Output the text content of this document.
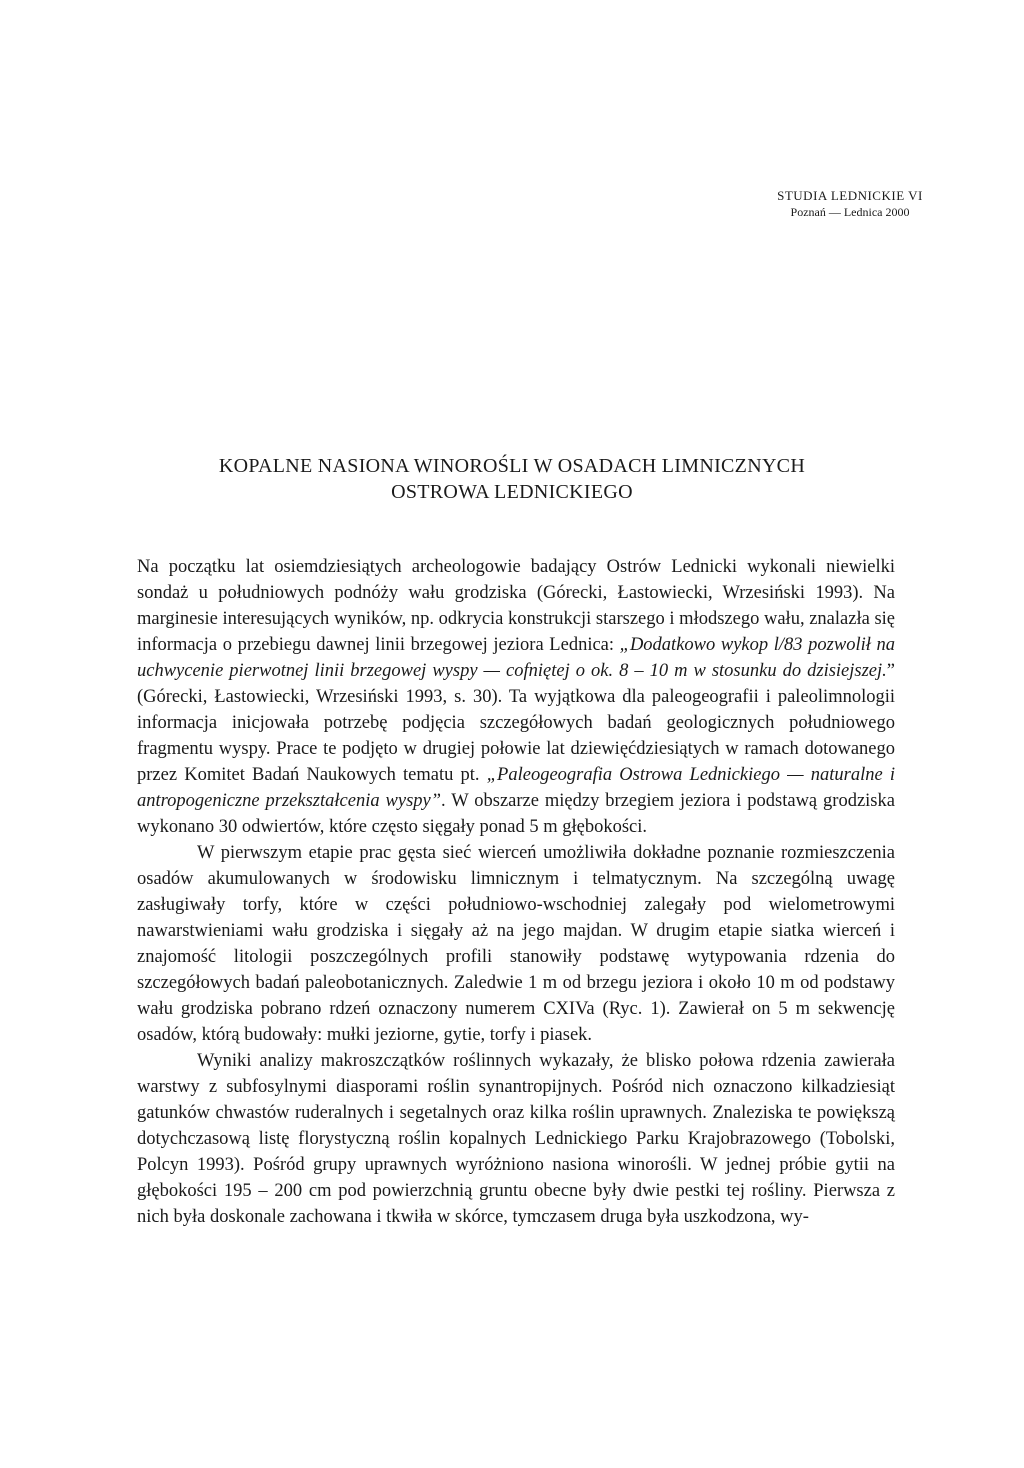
STUDIA LEDNICKIE VI
Poznań — Lednica 2000
KOPALNE NASIONA WINOROŚLI W OSADACH LIMNICZNYCH
OSTROWA LEDNICKIEGO

Na początku lat osiemdziesiątych archeologowie badający Ostrów Lednicki wykonali niewielki sondaż u południowych podnóży wału grodziska (Górecki, Łastowiecki, Wrzesiński 1993). Na marginesie interesujących wyników, np. odkrycia konstrukcji starszego i młodszego wału, znalazła się informacja o przebiegu dawnej linii brzegowej jeziora Lednica: „Dodatkowo wykop l/83 pozwolił na uchwycenie pierwotnej linii brzegowej wyspy — cofniętej o ok. 8 – 10 m w stosunku do dzisiejszej.” (Górecki, Łastowiecki, Wrzesiński 1993, s. 30). Ta wyjątkowa dla paleogeografii i paleolimnologii informacja inicjowała potrzebę podjęcia szczegółowych badań geologicznych południowego fragmentu wyspy. Prace te podjęto w drugiej połowie lat dziewięćdziesiątych w ramach dotowanego przez Komitet Badań Naukowych tematu pt. „Paleogeografia Ostrowa Lednickiego — naturalne i antropogeniczne przekształcenia wyspy”. W obszarze między brzegiem jeziora i podstawą grodziska wykonano 30 odwiertów, które często sięgały ponad 5 m głębokości.

W pierwszym etapie prac gęsta sieć wierceń umożliwiła dokładne poznanie rozmieszczenia osadów akumulowanych w środowisku limnicznym i telmatycznym. Na szczególną uwagę zasługiwały torfy, które w części południowo-wschodniej zalegały pod wielometrowymi nawarstwieniami wału grodziska i sięgały aż na jego majdan. W drugim etapie siatka wierceń i znajomość litologii poszczególnych profili stanowiły podstawę wytypowania rdzenia do szczegółowych badań paleobotanicznych. Zaledwie 1 m od brzegu jeziora i około 10 m od podstawy wału grodziska pobrano rdzeń oznaczony numerem CXIVa (Ryc. 1). Zawierał on 5 m sekwencję osadów, którą budowały: mułki jeziorne, gytie, torfy i piasek.

Wyniki analizy makroszczątków roślinnych wykazały, że blisko połowa rdzenia zawierała warstwy z subfosylnymi diasporami roślin synantropijnych. Pośród nich oznaczono kilkadziesiąt gatunków chwastów ruderalnych i segetalnych oraz kilka roślin uprawnych. Znaleziska te powiększą dotychczasową listę florystyczną roślin kopalnych Lednickiego Parku Krajobrazowego (Tobolski, Polcyn 1993). Pośród grupy uprawnych wyróżniono nasiona winorośli. W jednej próbie gytii na głębokości 195 – 200 cm pod powierzchnią gruntu obecne były dwie pestki tej rośliny. Pierwsza z nich była doskonale zachowana i tkwiła w skórce, tymczasem druga była uszkodzona, wy-
